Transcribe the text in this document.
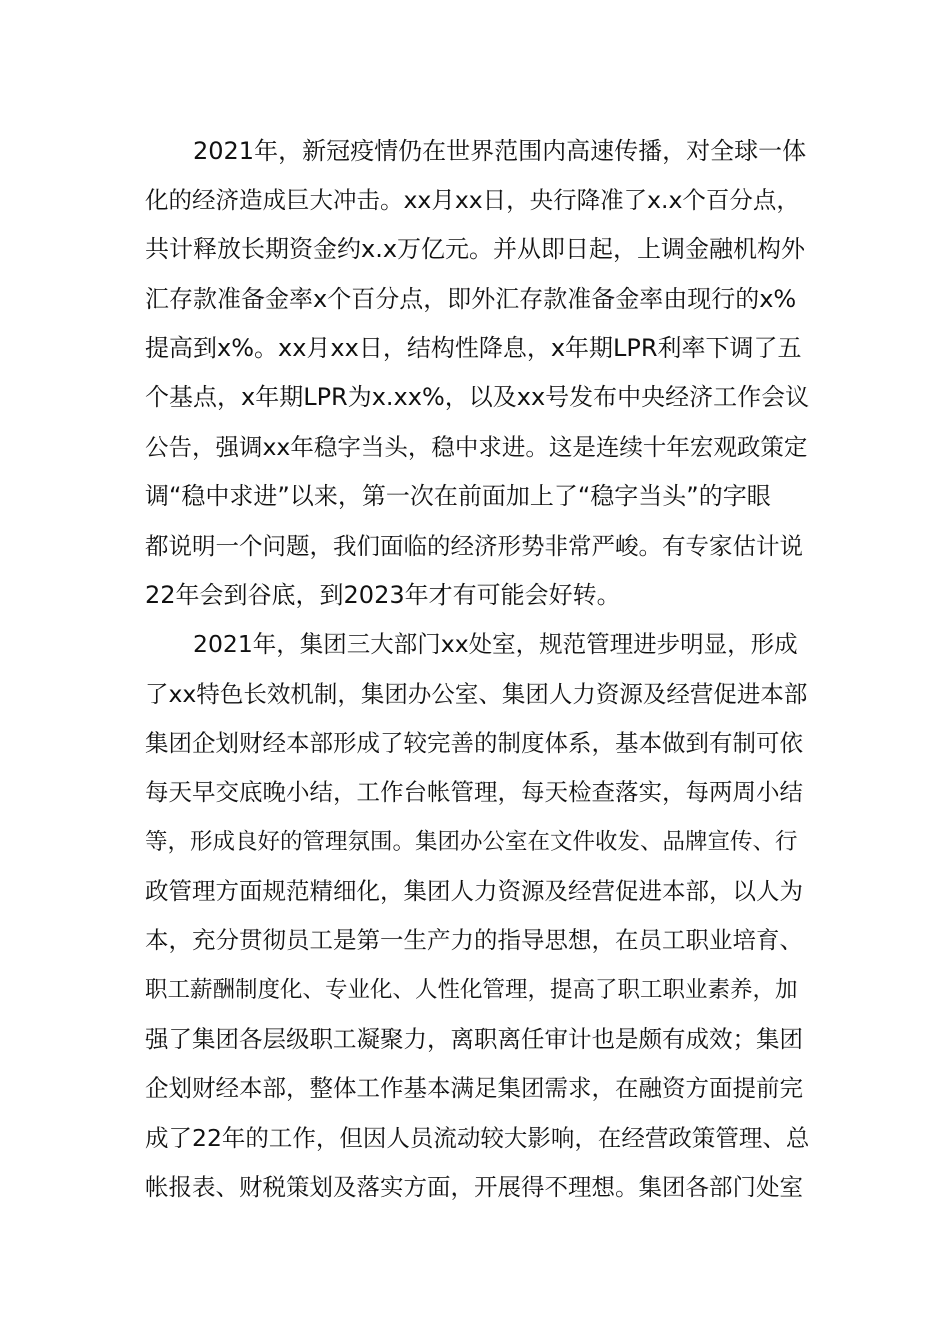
2021年，新冠疫情仍在世界范围内高速传播，对全球一体
化的经济造成巨大冲击。xx月xx日，央行降准了x.x个百分点，
共计释放长期资金约x.x万亿元。并从即日起，上调金融机构外
汇存款准备金率x个百分点，即外汇存款准备金率由现行的x%
提高到x%。xx月xx日，结构性降息，x年期LPR利率下调了五
个基点，x年期LPR为x.xx%，以及xx号发布中央经济工作会议
公告，强调xx年稳字当头，稳中求进。这是连续十年宏观政策定
调“稳中求进”以来，第一次在前面加上了“稳字当头”的字眼
都说明一个问题，我们面临的经济形势非常严峻。有专家估计说
22年会到谷底，到2023年才有可能会好转。
2021年，集团三大部门xx处室，规范管理进步明显，形成
了xx特色长效机制，集团办公室、集团人力资源及经营促进本部
集团企划财经本部形成了较完善的制度体系，基本做到有制可依
每天早交底晚小结，工作台帐管理，每天检查落实，每两周小结
等，形成良好的管理氛围。集团办公室在文件收发、品牌宣传、行
政管理方面规范精细化，集团人力资源及经营促进本部，以人为
本，充分贯彻员工是第一生产力的指导思想，在员工职业培育、
职工薪酬制度化、专业化、人性化管理，提高了职工职业素养，加
强了集团各层级职工凝聚力，离职离任审计也是颇有成效；集团
企划财经本部，整体工作基本满足集团需求，在融资方面提前完
成了22年的工作，但因人员流动较大影响，在经营政策管理、总
帐报表、财税策划及落实方面，开展得不理想。集团各部门处室
